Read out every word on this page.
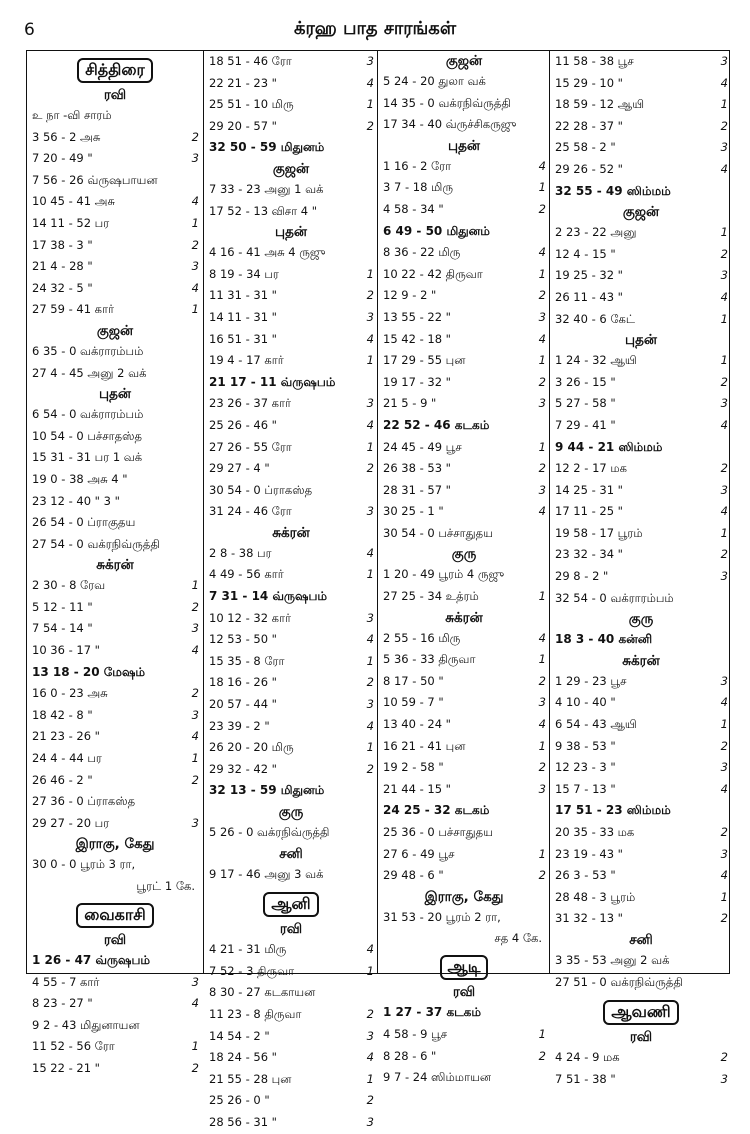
6	க்ரஹ பாத சாரங்கள்
சித்திரை
ரவி
உ நா -வி சாரம்
3 56 - 2 அசு	2
7 20 - 49 "	3
7 56 - 26 வ்ருஷபாயன
10 45 - 41 அசு	4
14 11 - 52 பர	1
17 38 - 3 "	2
21 4 - 28 "	3
24 32 - 5 "	4
27 59 - 41 கார்	1
குஜன்
6 35 - 0 வக்ராரம்பம்
27 4 - 45 அனு 2 வக்
புதன்
6 54 - 0 வக்ராரம்பம்
10 54 - 0 பச்சாதஸ்த
15 31 - 31 பர 1 வக்
19 0 - 38 அசு 4 "
23 12 - 40 " 3 "
26 54 - 0 ப்ராகுதய
27 54 - 0 வக்ரநிவ்ருத்தி
சுக்ரன்
2 30 - 8 ரேவ	1
5 12 - 11 "	2
7 54 - 14 "	3
10 36 - 17 "	4
13 18 - 20 மேஷம்
16 0 - 23 அசு	2
18 42 - 8 "	3
21 23 - 26 "	4
24 4 - 44 பர	1
26 46 - 2 "	2
27 36 - 0 ப்ராகஸ்த
29 27 - 20 பர	3
இராகு, கேது
30 0 - 0 பூரம் 3 ரா,
பூரட் 1 கே.
வைகாசி
ரவி
1 26 - 47 வ்ருஷபம்
4 55 - 7 கார்	3
8 23 - 27 "	4
9 2 - 43 மிதுனாயன
11 52 - 56 ரோ	1
15 22 - 21 "	2
18 51 - 46 ரோ	3
22 21 - 23 "	4
25 51 - 10 மிரு	1
29 20 - 57 "	2
32 50 - 59 மிதுனம்
குஜன்
7 33 - 23 அனு 1 வக்
17 52 - 13 விசா 4 "
புதன்
4 16 - 41 அசு 4 ருஜு
8 19 - 34 பர	1
11 31 - 31 "	2
14 11 - 31 "	3
16 51 - 31 "	4
19 4 - 17 கார்	1
21 17 - 11 வ்ருஷபம்
23 26 - 37 கார்	3
25 26 - 46 "	4
27 26 - 55 ரோ	1
29 27 - 4 "	2
30 54 - 0 ப்ராகஸ்த
31 24 - 46 ரோ	3
சுக்ரன்
2 8 - 38 பர	4
4 49 - 56 கார்	1
7 31 - 14 வ்ருஷபம்
10 12 - 32 கார்	3
12 53 - 50 "	4
15 35 - 8 ரோ	1
18 16 - 26 "	2
20 57 - 44 "	3
23 39 - 2 "	4
26 20 - 20 மிரு	1
29 32 - 42 "	2
32 13 - 59 மிதுனம்
குரு
5 26 - 0 வக்ரநிவ்ருத்தி
சனி
9 17 - 46 அனு 3 வக்
ஆனி
ரவி
4 21 - 31 மிரு	4
7 52 - 3 திருவா	1
8 30 - 27 கடகாயன
11 23 - 8 திருவா	2
14 54 - 2 "	3
18 24 - 56 "	4
21 55 - 28 புன	1
25 26 - 0 "	2
28 56 - 31 "	3
குஜன்
5 24 - 20 துலா வக்
14 35 - 0 வக்ரநிவ்ருத்தி
17 34 - 40 வ்ருச்சிகருஜு
புதன்
1 16 - 2 ரோ	4
3 7 - 18 மிரு	1
4 58 - 34 "	2
6 49 - 50 மிதுனம்
8 36 - 22 மிரு	4
10 22 - 42 திருவா	1
12 9 - 2 "	2
13 55 - 22 "	3
15 42 - 18 "	4
17 29 - 55 புன	1
19 17 - 32 "	2
21 5 - 9 "	3
22 52 - 46 கடகம்
24 45 - 49 பூச	1
26 38 - 53 "	2
28 31 - 57 "	3
30 25 - 1 "	4
30 54 - 0 பச்சாதுதய
குரு
1 20 - 49 பூரம் 4 ருஜு
27 25 - 34 உத்ரம்	1
சுக்ரன்
2 55 - 16 மிரு	4
5 36 - 33 திருவா	1
8 17 - 50 "	2
10 59 - 7 "	3
13 40 - 24 "	4
16 21 - 41 புன	1
19 2 - 58 "	2
21 44 - 15 "	3
24 25 - 32 கடகம்
25 36 - 0 பச்சாதுதய
27 6 - 49 பூச	1
29 48 - 6 "	2
இராகு, கேது
31 53 - 20 பூரம் 2 ரா,
சத 4 கே.
ஆடி
ரவி
1 27 - 37 கடகம்
4 58 - 9 பூச	1
8 28 - 6 "	2
9 7 - 24 ஸிம்மாயன
11 58 - 38 பூச	3
15 29 - 10 "	4
18 59 - 12 ஆயி	1
22 28 - 37 "	2
25 58 - 2 "	3
29 26 - 52 "	4
32 55 - 49 ஸிம்மம்
குஜன்
2 23 - 22 அனு	1
12 4 - 15 "	2
19 25 - 32 "	3
26 11 - 43 "	4
32 40 - 6 கேட்	1
புதன்
1 24 - 32 ஆயி	1
3 26 - 15 "	2
5 27 - 58 "	3
7 29 - 41 "	4
9 44 - 21 ஸிம்மம்
12 2 - 17 மக	2
14 25 - 31 "	3
17 11 - 25 "	4
19 58 - 17 பூரம்	1
23 32 - 34 "	2
29 8 - 2 "	3
32 54 - 0 வக்ராரம்பம்
குரு
18 3 - 40 கன்னி
சுக்ரன்
1 29 - 23 பூச	3
4 10 - 40 "	4
6 54 - 43 ஆயி	1
9 38 - 53 "	2
12 23 - 3 "	3
15 7 - 13 "	4
17 51 - 23 ஸிம்மம்
20 35 - 33 மக	2
23 19 - 43 "	3
26 3 - 53 "	4
28 48 - 3 பூரம்	1
31 32 - 13 "	2
சனி
3 35 - 53 அனு 2 வக்
27 51 - 0 வக்ரநிவ்ருத்தி
ஆவணி
ரவி
4 24 - 9 மக	2
7 51 - 38 "	3
